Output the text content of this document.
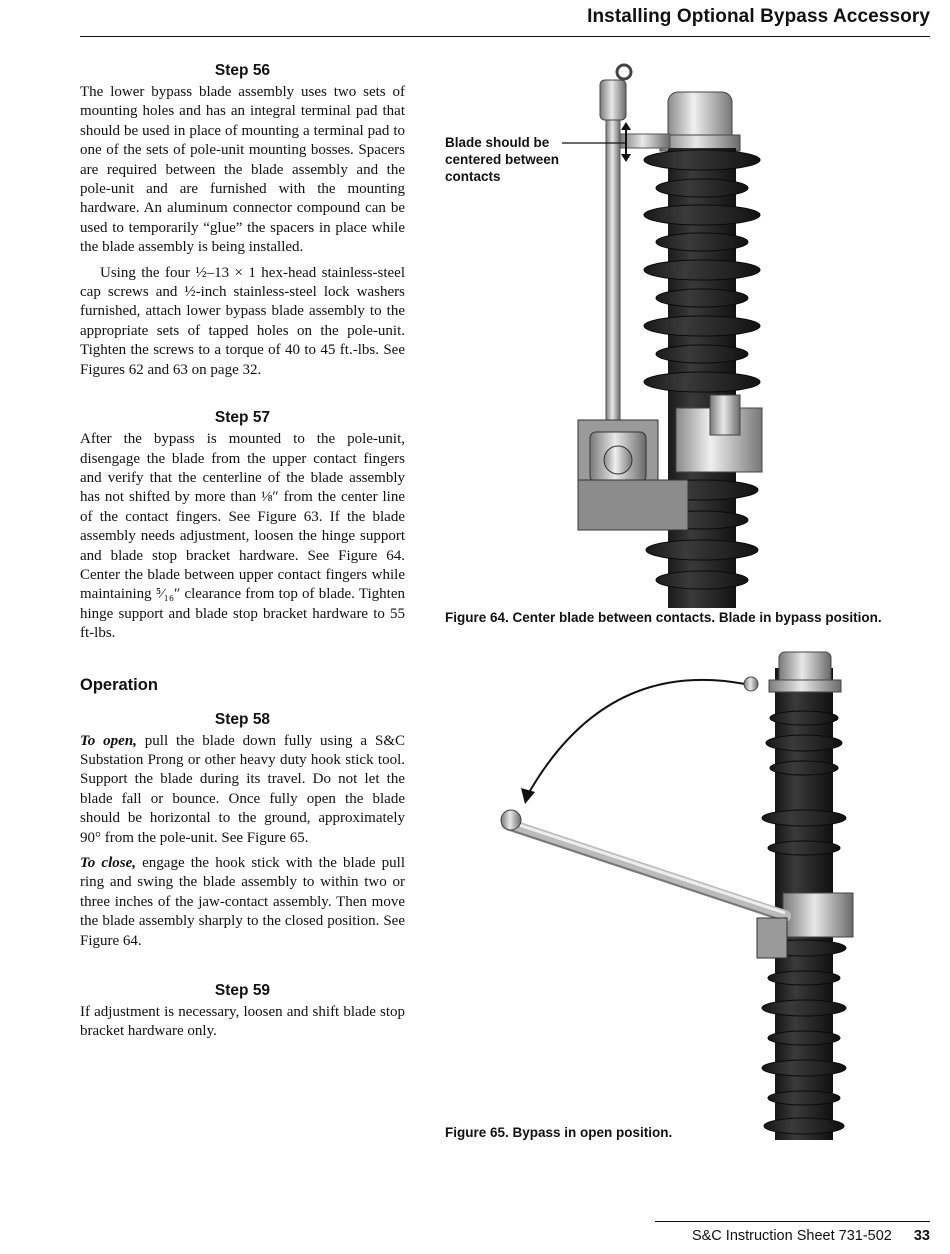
Installing Optional Bypass Accessory
Step 56

The lower bypass blade assembly uses two sets of mounting holes and has an integral terminal pad that should be used in place of mounting a terminal pad to one of the sets of pole-unit mounting bosses. Spacers are required between the blade assembly and the pole-unit and are furnished with the mounting hardware. An aluminum connector compound can be used to temporarily “glue” the spacers in place while the blade assembly is being installed.

Using the four ½–13 × 1 hex-head stainless-steel cap screws and ½-inch stainless-steel lock washers furnished, attach lower bypass blade assembly to the appropriate sets of tapped holes on the pole-unit. Tighten the screws to a torque of 40 to 45 ft.-lbs. See Figures 62 and 63 on page 32.

Step 57

After the bypass is mounted to the pole-unit, disengage the blade from the upper contact fingers and verify that the centerline of the blade assembly has not shifted by more than ⅛″ from the center line of the contact fingers. See Figure 63. If the blade assembly needs adjustment, loosen the hinge support and blade stop bracket hardware. See Figure 64. Center the blade between upper contact fingers while maintaining ⁵⁄₁₆″ clearance from top of blade. Tighten hinge support and blade stop bracket hardware to 55 ft-lbs.

Operation
Step 58

To open, pull the blade down fully using a S&C Substation Prong or other heavy duty hook stick tool. Support the blade during its travel. Do not let the blade fall or bounce. Once fully open the blade should be horizontal to the ground, approximately 90° from the pole-unit. See Figure 65.

To close, engage the hook stick with the blade pull ring and swing the blade assembly to within two or three inches of the jaw-contact assembly. Then move the blade assembly sharply to the closed position. See Figure 64.

Step 59

If adjustment is necessary, loosen and shift blade stop bracket hardware only.

Blade should be centered between contacts
Figure 64. Center blade between contacts. Blade in bypass position.
Figure 65. Bypass in open position.
S&C Instruction Sheet 731-502 33
